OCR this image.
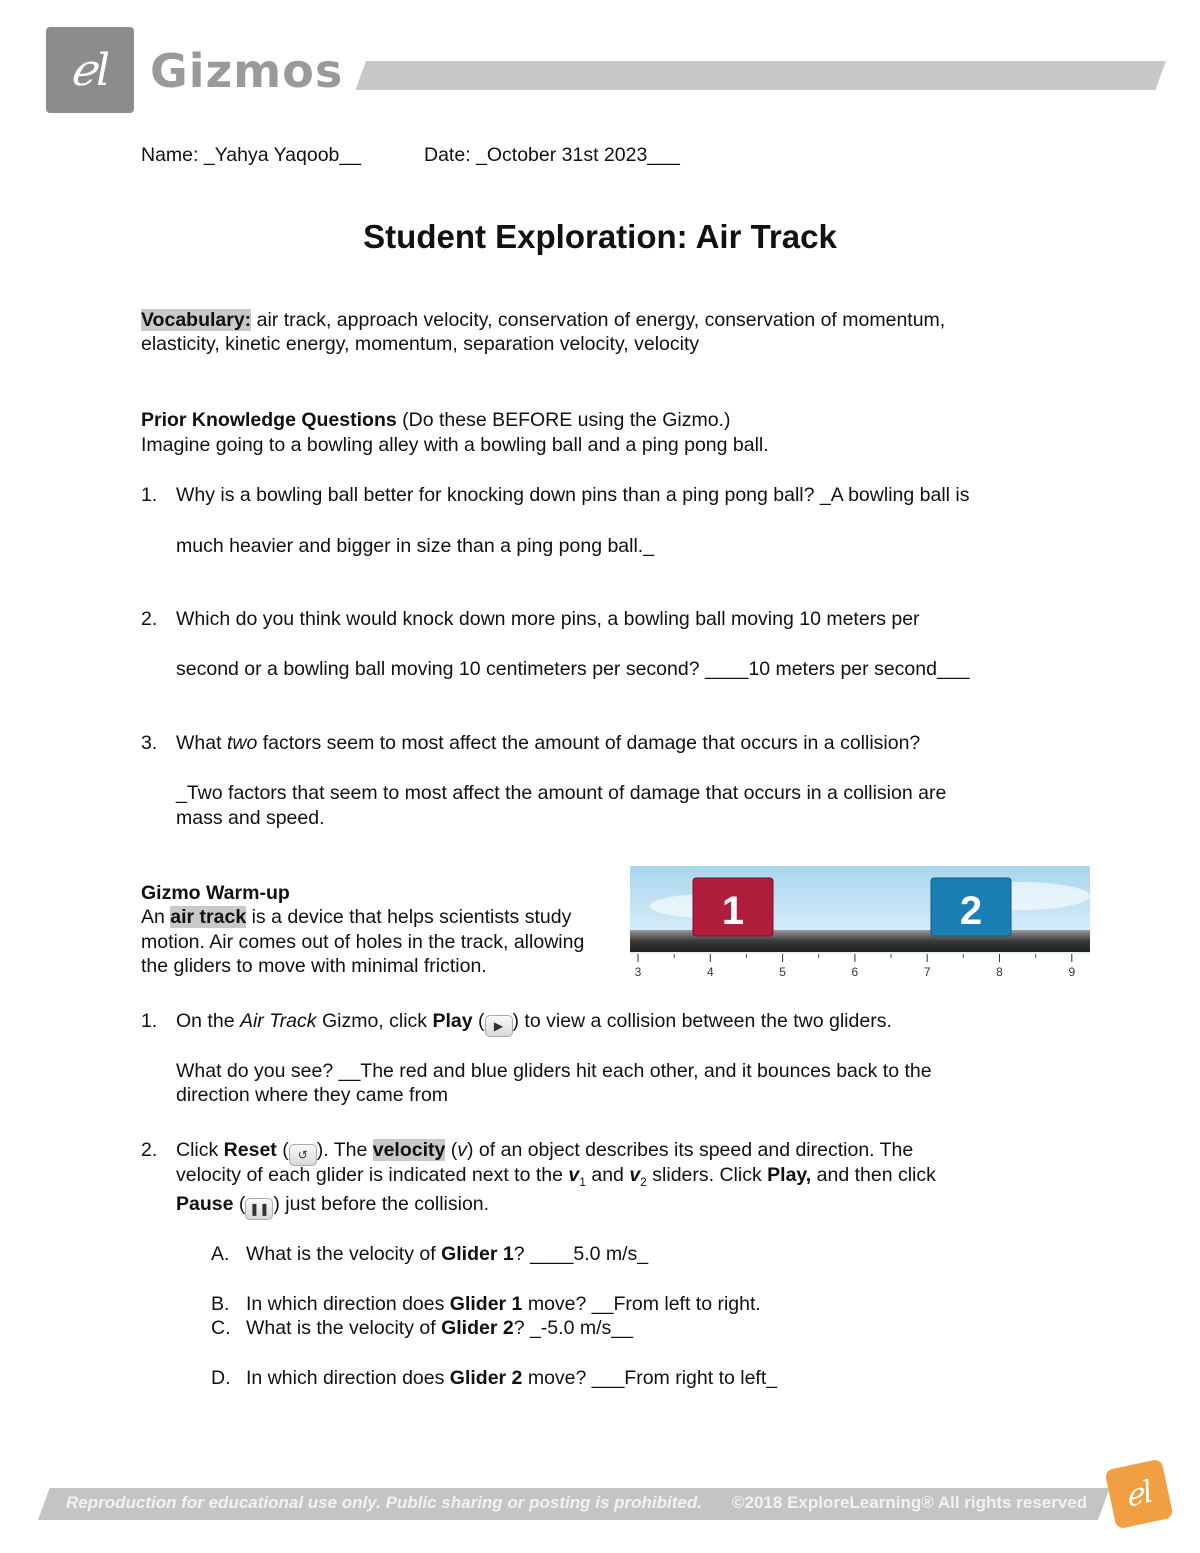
ℯl Gizmos
Name: _Yahya Yaqoob__	Date: _October 31st 2023___
Student Exploration: Air Track
Vocabulary: air track, approach velocity, conservation of energy, conservation of momentum,
elasticity, kinetic energy, momentum, separation velocity, velocity
Prior Knowledge Questions (Do these BEFORE using the Gizmo.)
Imagine going to a bowling alley with a bowling ball and a ping pong ball.
1. Why is a bowling ball better for knocking down pins than a ping pong ball? _A bowling ball is
much heavier and bigger in size than a ping pong ball._
2. Which do you think would knock down more pins, a bowling ball moving 10 meters per
second or a bowling ball moving 10 centimeters per second? ____10 meters per second___
3. What two factors seem to most affect the amount of damage that occurs in a collision?
_Two factors that seem to most affect the amount of damage that occurs in a collision are
mass and speed.
Gizmo Warm-up
An air track is a device that helps scientists study
motion. Air comes out of holes in the track, allowing
the gliders to move with minimal friction.
1	2
3	4	5	6	7	8	9
1. On the Air Track Gizmo, click Play ( ▶ ) to view a collision between the two gliders.
What do you see? __The red and blue gliders hit each other, and it bounces back to the
direction where they came from
2. Click Reset ( ↺ ). The velocity (v) of an object describes its speed and direction. The
velocity of each glider is indicated next to the $v_1$ and $v_2$ sliders. Click Play, and then click
Pause ( ❚❚ ) just before the collision.
A. What is the velocity of Glider 1? ____5.0 m/s_
B. In which direction does Glider 1 move? __From left to right.
C. What is the velocity of Glider 2? _-5.0 m/s__
D. In which direction does Glider 2 move? ___From right to left_
Reproduction for educational use only. Public sharing or posting is prohibited. ©2018 ExploreLearning® All rights reserved ℯl
